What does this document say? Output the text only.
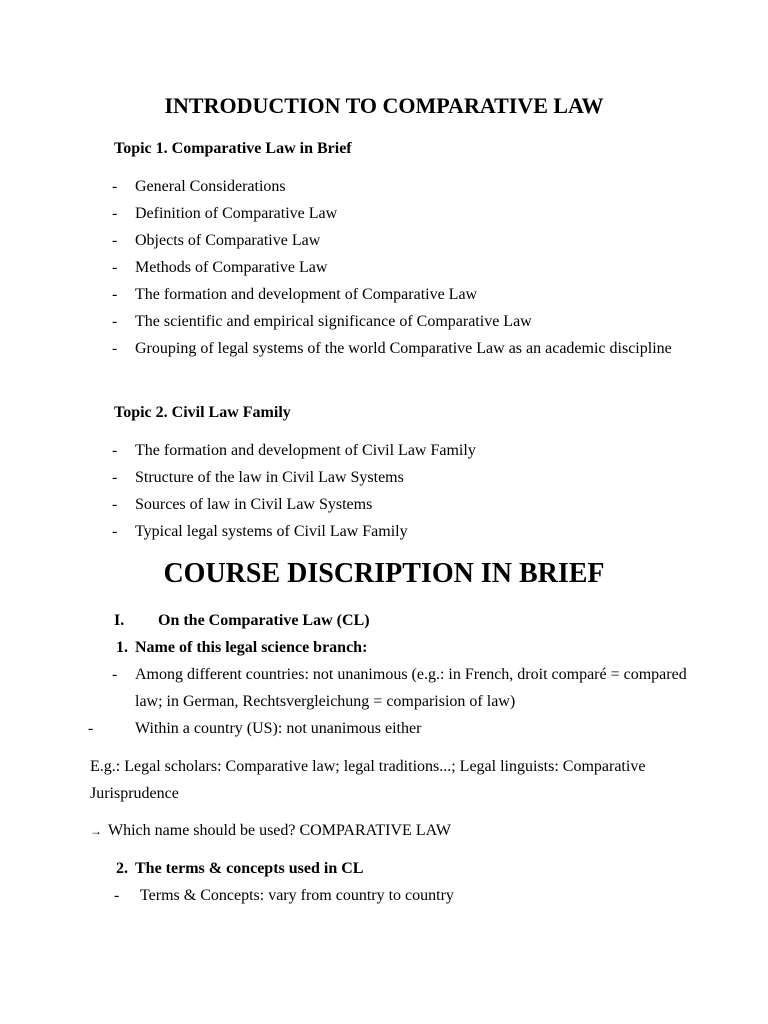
INTRODUCTION TO COMPARATIVE LAW

Topic 1. Comparative Law in Brief

- General Considerations
- Definition of Comparative Law
- Objects of Comparative Law
- Methods of Comparative Law
- The formation and development of Comparative Law
- The scientific and empirical significance of Comparative Law
- Grouping of legal systems of the world Comparative Law as an academic discipline

Topic 2. Civil Law Family

- The formation and development of Civil Law Family
- Structure of the law in Civil Law Systems
- Sources of law in Civil Law Systems
- Typical legal systems of Civil Law Family
COURSE DISCRIPTION IN BRIEF
I. On the Comparative Law (CL)
1. Name of this legal science branch:
- Among different countries: not unanimous (e.g.: in French, droit comparé = compared law; in German, Rechtsvergleichung = comparision of law)
-	Within a country (US): not unanimous either

E.g.: Legal scholars: Comparative law; legal traditions...; Legal linguists: Comparative Jurisprudence

→ Which name should be used? COMPARATIVE LAW

2. The terms & concepts used in CL
- Terms & Concepts: vary from country to country
